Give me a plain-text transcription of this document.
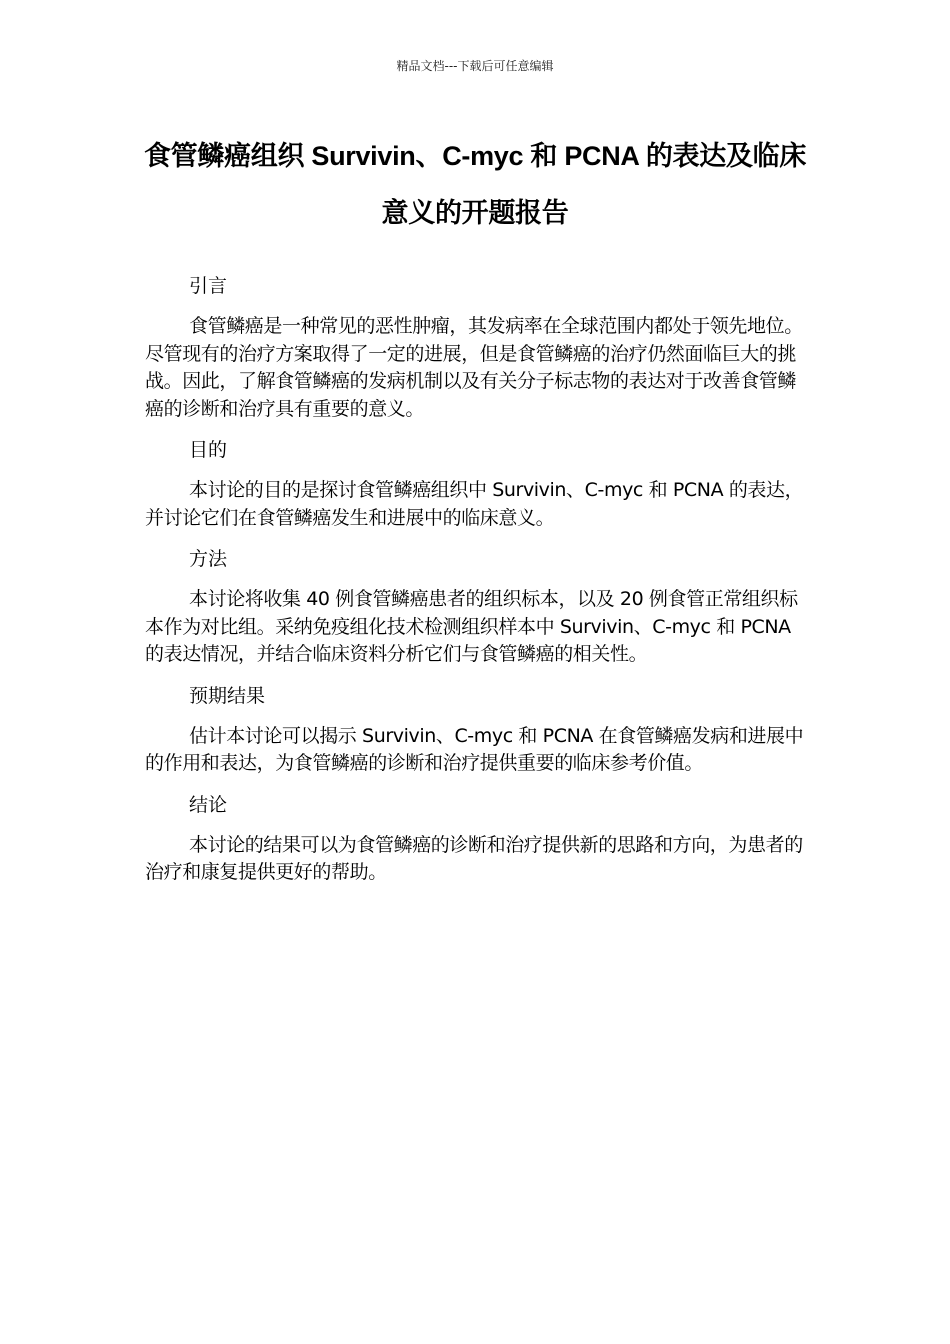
精品文档---下载后可任意编辑
食管鳞癌组织 Survivin、C-myc 和 PCNA 的表达及临床意义的开题报告

引言

食管鳞癌是一种常见的恶性肿瘤，其发病率在全球范围内都处于领先地位。尽管现有的治疗方案取得了一定的进展，但是食管鳞癌的治疗仍然面临巨大的挑战。因此，了解食管鳞癌的发病机制以及有关分子标志物的表达对于改善食管鳞癌的诊断和治疗具有重要的意义。

目的

本讨论的目的是探讨食管鳞癌组织中 Survivin、C-myc 和 PCNA 的表达，并讨论它们在食管鳞癌发生和进展中的临床意义。

方法

本讨论将收集 40 例食管鳞癌患者的组织标本，以及 20 例食管正常组织标本作为对比组。采纳免疫组化技术检测组织样本中 Survivin、C-myc 和 PCNA 的表达情况，并结合临床资料分析它们与食管鳞癌的相关性。

预期结果

估计本讨论可以揭示 Survivin、C-myc 和 PCNA 在食管鳞癌发病和进展中的作用和表达，为食管鳞癌的诊断和治疗提供重要的临床参考价值。

结论

本讨论的结果可以为食管鳞癌的诊断和治疗提供新的思路和方向，为患者的治疗和康复提供更好的帮助。
